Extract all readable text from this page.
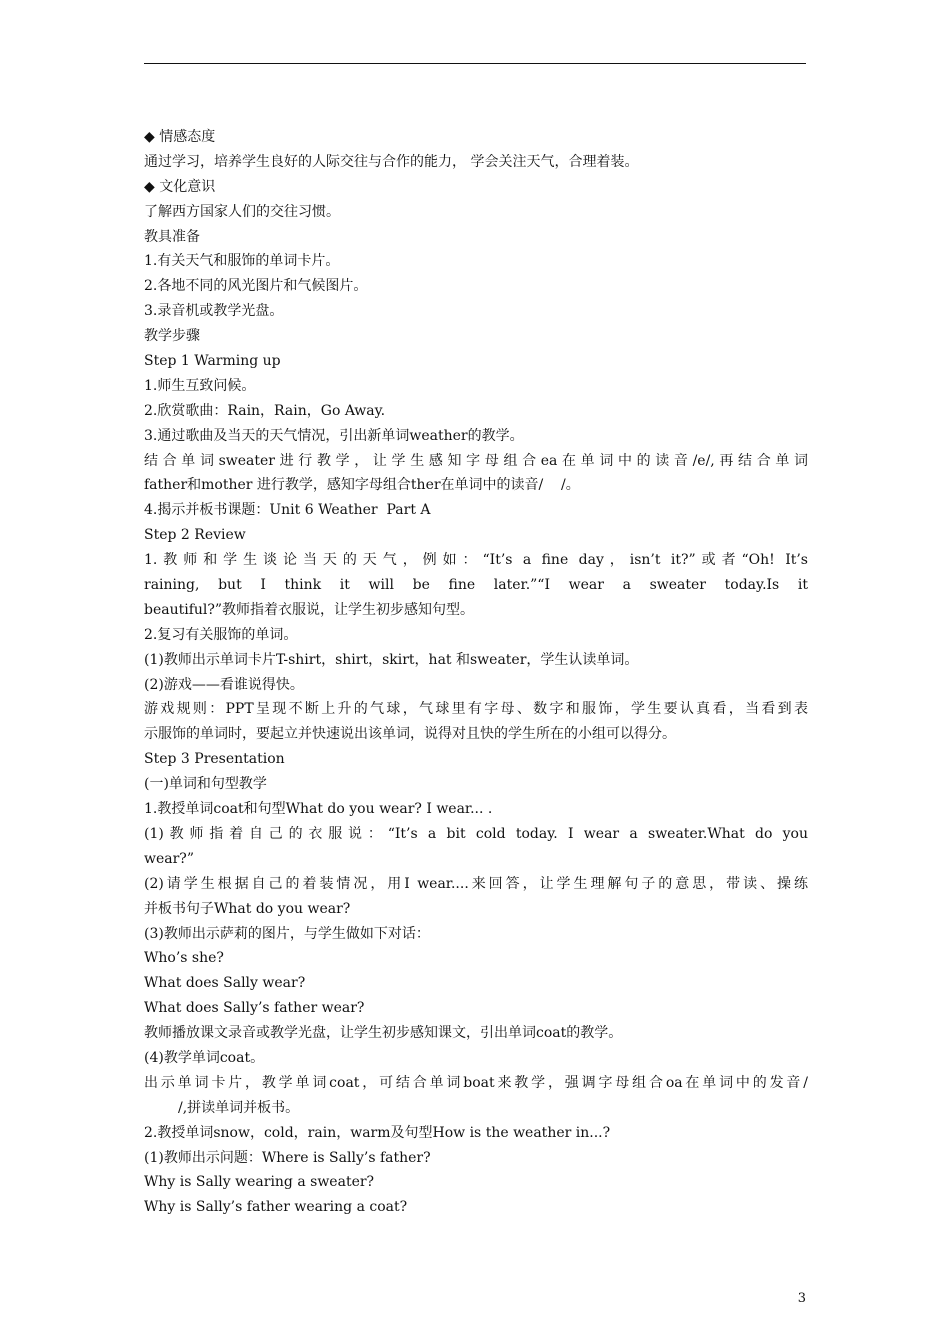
◆ 情感态度
通过学习，培养学生良好的人际交往与合作的能力， 学会关注天气，合理着装。
◆ 文化意识
了解西方国家人们的交往习惯。
教具准备
1.有关天气和服饰的单词卡片。
2.各地不同的风光图片和气候图片。
3.录音机或教学光盘。
教学步骤
Step 1 Warming up
1.师生互致问候。
2.欣赏歌曲：Rain，Rain，Go Away.
3.通过歌曲及当天的天气情况，引出新单词weather的教学。
结合单词sweater进行教学，让学生感知字母组合ea在单词中的读音/e/,再结合单词
father和mother 进行教学，感知字母组合ther在单词中的读音/    /。
4.揭示并板书课题：Unit 6 Weather  Part A
Step 2 Review
1.教师和学生谈论当天的天气，例如：“It’s a fine day，isn’t it?”或者“Oh! It’s
raining, but I think it will be fine later.”“I wear a sweater today.Is it
beautiful?”教师指着衣服说，让学生初步感知句型。
2.复习有关服饰的单词。
(1)教师出示单词卡片T-shirt，shirt，skirt，hat 和sweater，学生认读单词。
(2)游戏——看谁说得快。
游戏规则：PPT呈现不断上升的气球，气球里有字母、数字和服饰，学生要认真看，当看到表
示服饰的单词时，要起立并快速说出该单词，说得对且快的学生所在的小组可以得分。
Step 3 Presentation
(一)单词和句型教学
1.教授单词coat和句型What do you wear? I wear... .
(1)教师指着自己的衣服说：“It’s a bit cold today. I wear a sweater.What do you
wear?”
(2)请学生根据自己的着装情况，用I wear....来回答，让学生理解句子的意思，带读、操练
并板书句子What do you wear?
(3)教师出示萨莉的图片，与学生做如下对话：
Who’s she?
What does Sally wear?
What does Sally’s father wear?
教师播放课文录音或教学光盘，让学生初步感知课文，引出单词coat的教学。
(4)教学单词coat。
出示单词卡片，教学单词coat，可结合单词boat来教学，强调字母组合oa在单词中的发音/
/,拼读单词并板书。
2.教授单词snow，cold，rain，warm及句型How is the weather in...?
(1)教师出示问题：Where is Sally’s father?
Why is Sally wearing a sweater?
Why is Sally’s father wearing a coat?
3
